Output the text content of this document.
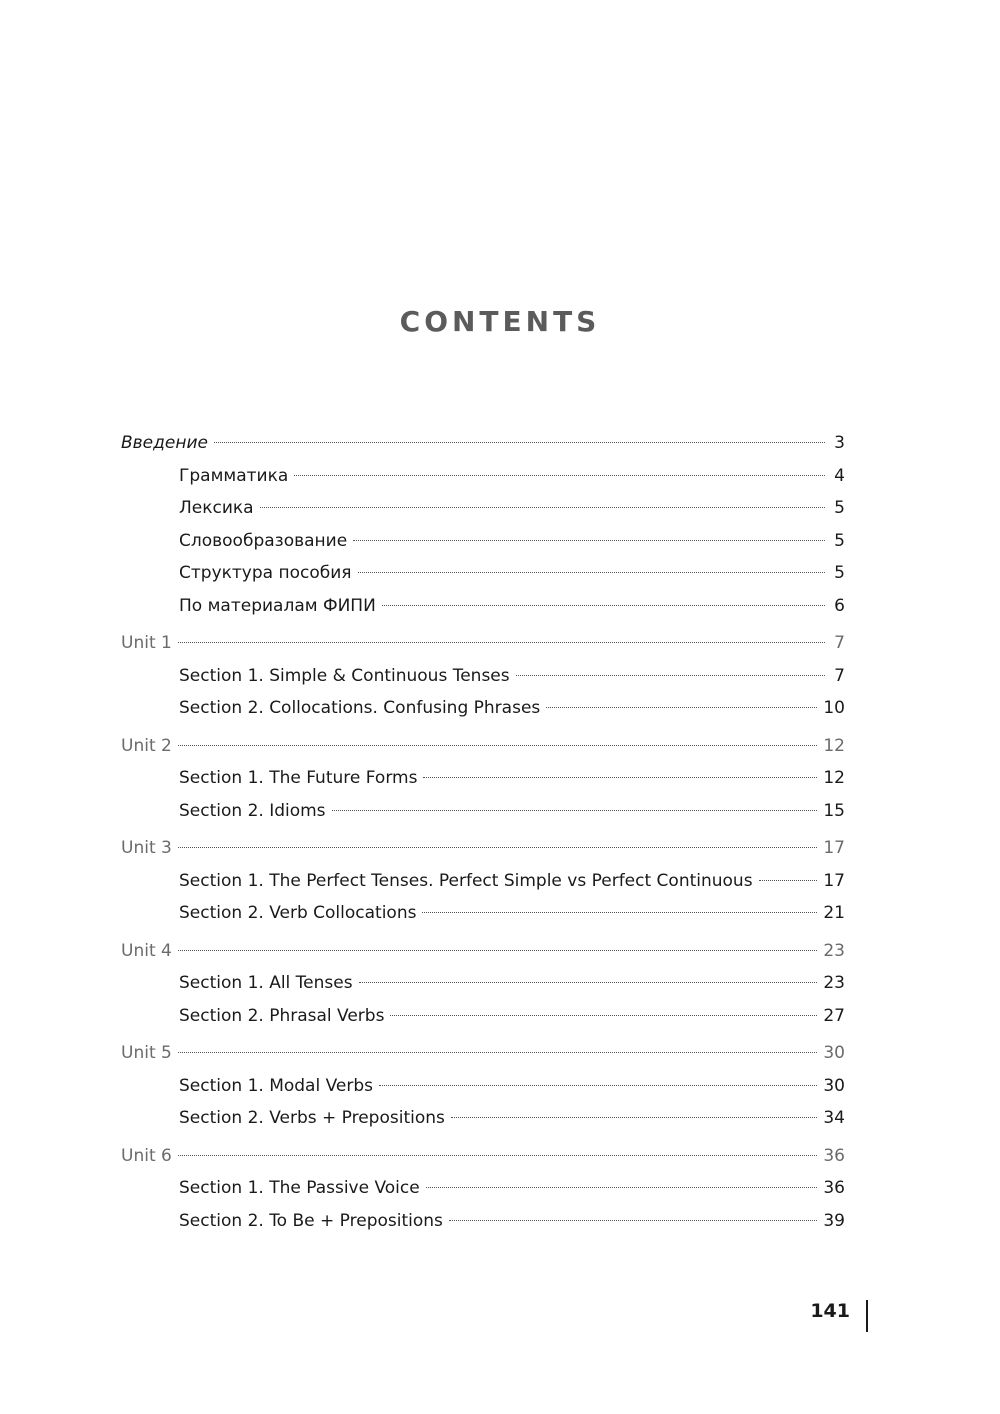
CONTENTS
Введение	3
Грамматика	4
Лексика	5
Словообразование	5
Структура пособия	5
По материалам ФИПИ	6
Unit 1	7
Section 1. Simple & Continuous Tenses	7
Section 2. Collocations. Confusing Phrases	10
Unit 2	12
Section 1. The Future Forms	12
Section 2. Idioms	15
Unit 3	17
Section 1. The Perfect Tenses. Perfect Simple vs Perfect Continuous	17
Section 2. Verb Collocations	21
Unit 4	23
Section 1. All Tenses	23
Section 2. Phrasal Verbs	27
Unit 5	30
Section 1. Modal Verbs	30
Section 2. Verbs + Prepositions	34
Unit 6	36
Section 1. The Passive Voice	36
Section 2. To Be + Prepositions	39
141
